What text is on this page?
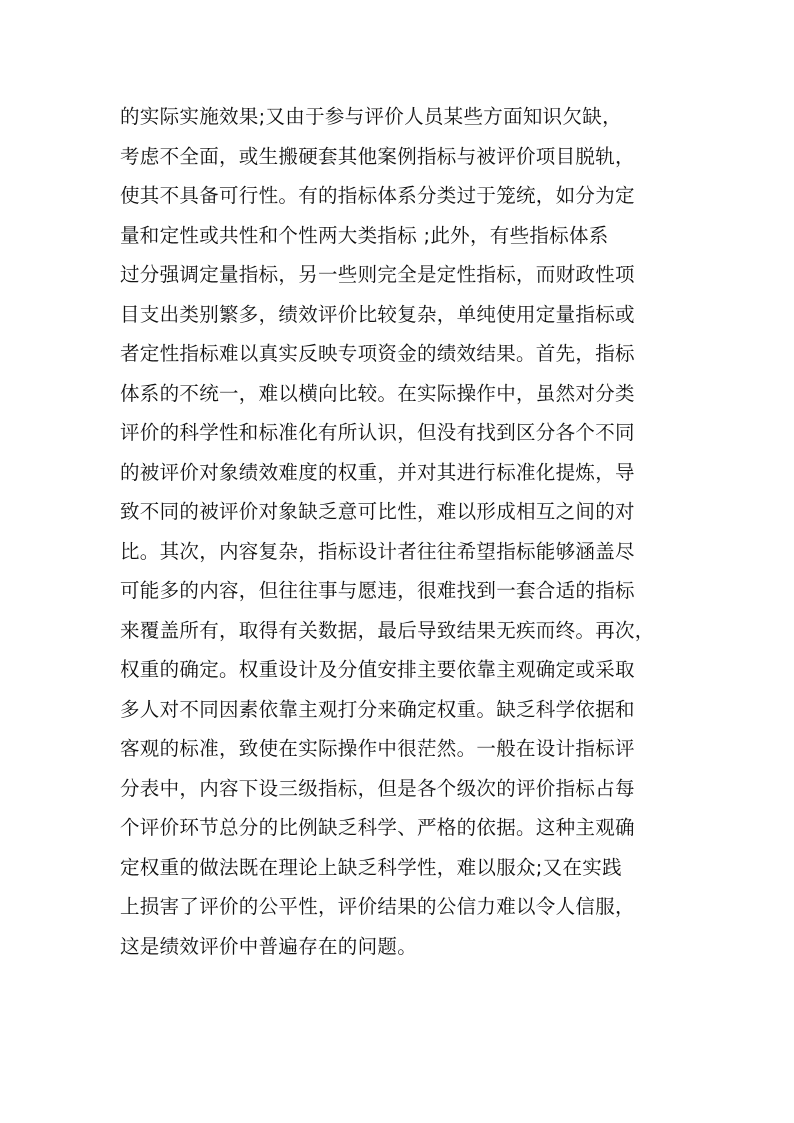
的实际实施效果;又由于参与评价人员某些方面知识欠缺，
考虑不全面，或生搬硬套其他案例指标与被评价项目脱轨，
使其不具备可行性。有的指标体系分类过于笼统，如分为定
量和定性或共性和个性两大类指标 ;此外，有些指标体系
过分强调定量指标，另一些则完全是定性指标，而财政性项
目支出类别繁多，绩效评价比较复杂，单纯使用定量指标或
者定性指标难以真实反映专项资金的绩效结果。首先，指标
体系的不统一，难以横向比较。在实际操作中，虽然对分类
评价的科学性和标准化有所认识，但没有找到区分各个不同
的被评价对象绩效难度的权重，并对其进行标准化提炼，导
致不同的被评价对象缺乏意可比性，难以形成相互之间的对
比。其次，内容复杂，指标设计者往往希望指标能够涵盖尽
可能多的内容，但往往事与愿违，很难找到一套合适的指标
来覆盖所有，取得有关数据，最后导致结果无疾而终。再次，
权重的确定。权重设计及分值安排主要依靠主观确定或采取
多人对不同因素依靠主观打分来确定权重。缺乏科学依据和
客观的标准，致使在实际操作中很茫然。一般在设计指标评
分表中，内容下设三级指标，但是各个级次的评价指标占每
个评价环节总分的比例缺乏科学、严格的依据。这种主观确
定权重的做法既在理论上缺乏科学性，难以服众;又在实践
上损害了评价的公平性，评价结果的公信力难以令人信服，
这是绩效评价中普遍存在的问题。
